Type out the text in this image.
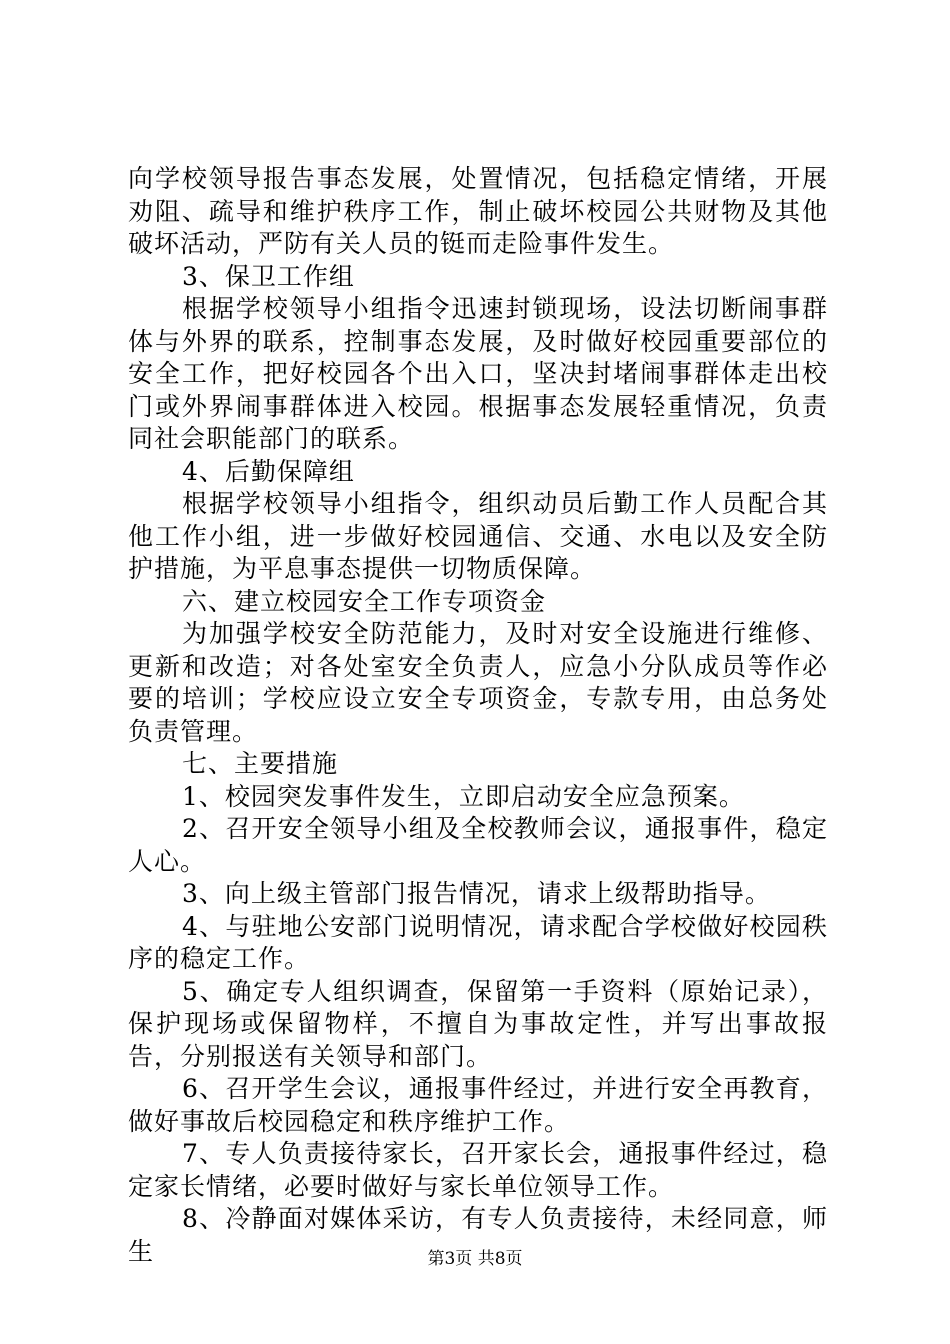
向学校领导报告事态发展，处置情况，包括稳定情绪，开展劝阻、疏导和维护秩序工作，制止破坏校园公共财物及其他破坏活动，严防有关人员的铤而走险事件发生。

3、保卫工作组

根据学校领导小组指令迅速封锁现场，设法切断闹事群体与外界的联系，控制事态发展，及时做好校园重要部位的安全工作，把好校园各个出入口，坚决封堵闹事群体走出校门或外界闹事群体进入校园。根据事态发展轻重情况，负责同社会职能部门的联系。

4、后勤保障组

根据学校领导小组指令，组织动员后勤工作人员配合其他工作小组，进一步做好校园通信、交通、水电以及安全防护措施，为平息事态提供一切物质保障。

六、建立校园安全工作专项资金

为加强学校安全防范能力，及时对安全设施进行维修、更新和改造；对各处室安全负责人，应急小分队成员等作必要的培训；学校应设立安全专项资金，专款专用，由总务处负责管理。

七、主要措施

1、校园突发事件发生，立即启动安全应急预案。

2、召开安全领导小组及全校教师会议，通报事件，稳定人心。

3、向上级主管部门报告情况，请求上级帮助指导。

4、与驻地公安部门说明情况，请求配合学校做好校园秩序的稳定工作。

5、确定专人组织调查，保留第一手资料（原始记录），保护现场或保留物样，不擅自为事故定性，并写出事故报告，分别报送有关领导和部门。

6、召开学生会议，通报事件经过，并进行安全再教育，做好事故后校园稳定和秩序维护工作。

7、专人负责接待家长，召开家长会，通报事件经过，稳定家长情绪，必要时做好与家长单位领导工作。

8、冷静面对媒体采访，有专人负责接待，未经同意，师生	第3页 共8页
